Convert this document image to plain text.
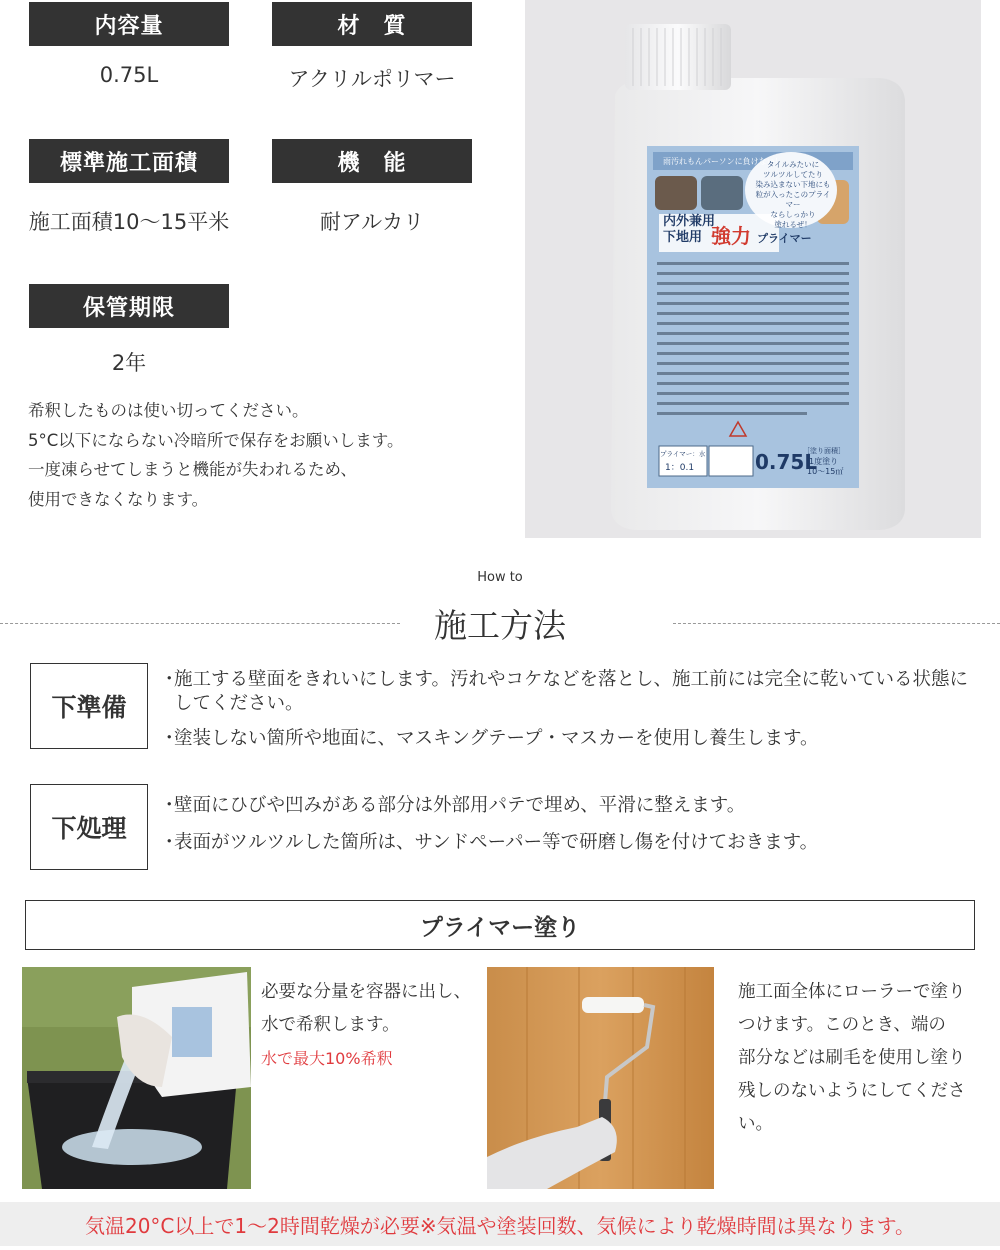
内容量
0.75L
材　質
アクリルポリマー
標準施工面積
施工面積10〜15平米
機　能
耐アルカリ
保管期限
2年
希釈したものは使い切ってください。
5°C以下にならない冷暗所で保存をお願いします。
一度凍らせてしまうと機能が失われるため、
使用できなくなります。
雨汚れもんパーソンに負けない！
タイルみたいに
ツルツルしてたり
染み込まない下地にも
粒が入ったこのプライマー
ならしっかり
塗れるぜ！
内外兼用
下地用 強力 プライマー
プライマー：水
1：0.1	0.75L
［塗り面積］
1度塗り
10〜15㎡
How to
施工方法
下準備
・
施工する壁面をきれいにします。汚れやコケなどを落とし、施工前には完全に乾いている状態にしてください。
・
塗装しない箇所や地面に、マスキングテープ・マスカーを使用し養生します。
下処理
・
壁面にひびや凹みがある部分は外部用パテで埋め、平滑に整えます。
・
表面がツルツルした箇所は、サンドペーパー等で研磨し傷を付けておきます。
プライマー塗り
必要な分量を容器に出し、
水で希釈します。
水で最大10%希釈
施工面全体にローラーで塗り
つけます。このとき、端の
部分などは刷毛を使用し塗り
残しのないようにしてくださ
い。
気温20°C以上で1〜2時間乾燥が必要※気温や塗装回数、気候により乾燥時間は異なります。
